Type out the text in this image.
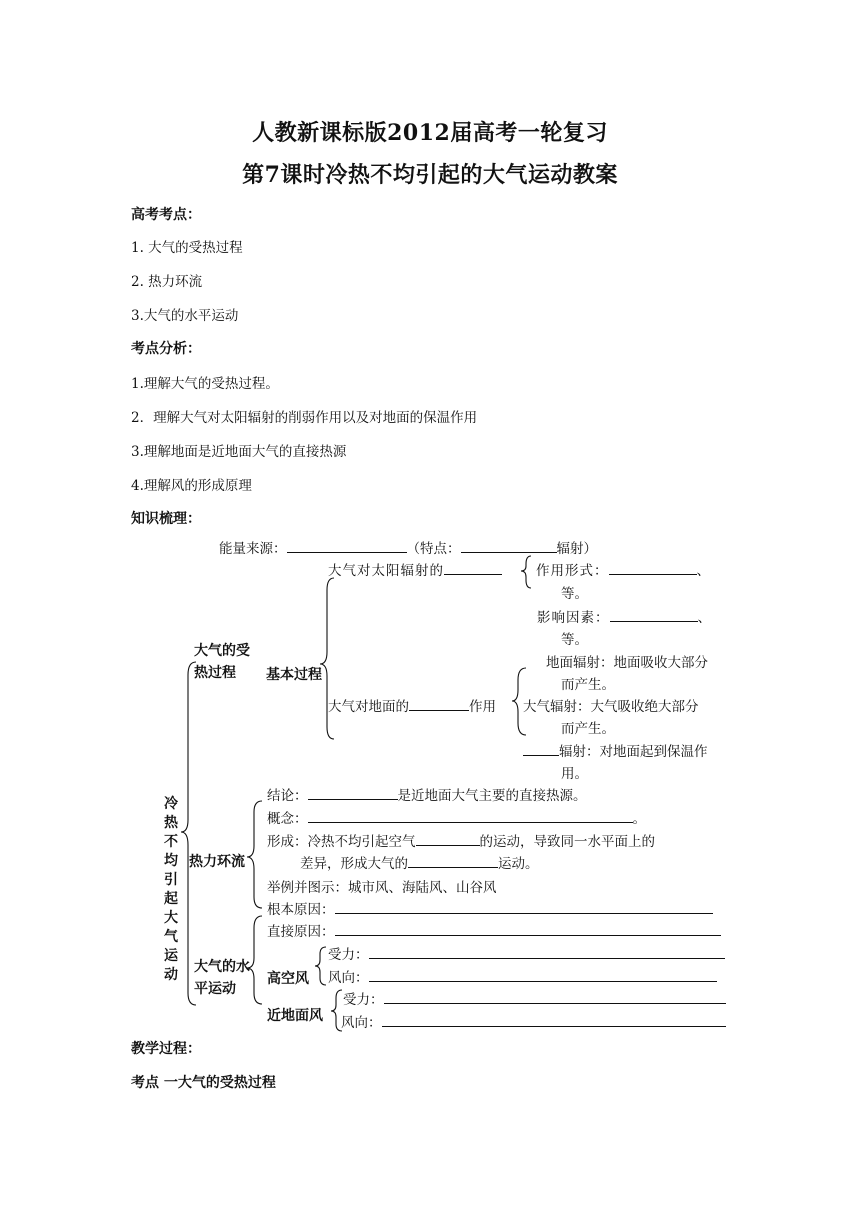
人教新课标版2012届高考一轮复习
第7课时冷热不均引起的大气运动教案
高考考点：
1. 大气的受热过程
2. 热力环流
3.大气的水平运动
考点分析：
1.理解大气的受热过程。
2．理解大气对太阳辐射的削弱作用以及对地面的保温作用
3.理解地面是近地面大气的直接热源
4.理解风的形成原理
知识梳理：
冷热不均引起大气运动
能量来源：	（特点：	辐射）
大气的受
热过程 基本过程
大气对太阳辐射的	作用形式：	、
等。
影响因素：	、
等。
地面辐射：地面吸收大部分
而产生。
大气对地面的	作用 大气辐射：大气吸收绝大部分
而产生。
辐射：对地面起到保温作
用。
热力环流
结论：	是近地面大气主要的直接热源。
概念：	。
形成：冷热不均引起空气	的运动，导致同一水平面上的
差异，形成大气的	运动。
举例并图示：城市风、海陆风、山谷风
根本原因：
大气的水
平运动
直接原因：
高空风
受力：
风向：
近地面风
受力：
风向：
教学过程：
考点 一大气的受热过程
